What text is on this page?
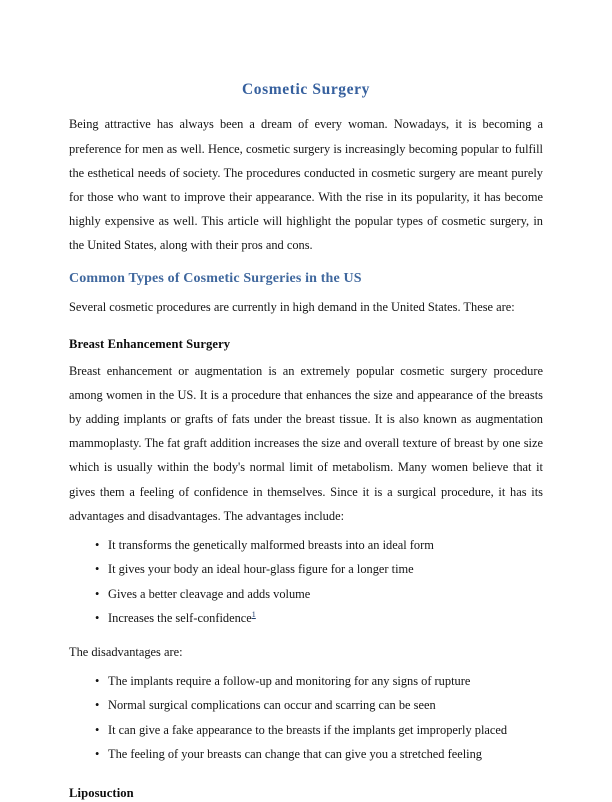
Cosmetic Surgery

Being attractive has always been a dream of every woman. Nowadays, it is becoming a preference for men as well. Hence, cosmetic surgery is increasingly becoming popular to fulfill the esthetical needs of society. The procedures conducted in cosmetic surgery are meant purely for those who want to improve their appearance. With the rise in its popularity, it has become highly expensive as well. This article will highlight the popular types of cosmetic surgery, in the United States, along with their pros and cons.

Common Types of Cosmetic Surgeries in the US

Several cosmetic procedures are currently in high demand in the United States. These are:

Breast Enhancement Surgery

Breast enhancement or augmentation is an extremely popular cosmetic surgery procedure among women in the US. It is a procedure that enhances the size and appearance of the breasts by adding implants or grafts of fats under the breast tissue. It is also known as augmentation mammoplasty. The fat graft addition increases the size and overall texture of breast by one size which is usually within the body's normal limit of metabolism. Many women believe that it gives them a feeling of confidence in themselves. Since it is a surgical procedure, it has its advantages and disadvantages. The advantages include:

• It transforms the genetically malformed breasts into an ideal form
• It gives your body an ideal hour-glass figure for a longer time
• Gives a better cleavage and adds volume
• Increases the self-confidence$^1$

The disadvantages are:

• The implants require a follow-up and monitoring for any signs of rupture
• Normal surgical complications can occur and scarring can be seen
• It can give a fake appearance to the breasts if the implants get improperly placed
• The feeling of your breasts can change that can give you a stretched feeling
Liposuction
